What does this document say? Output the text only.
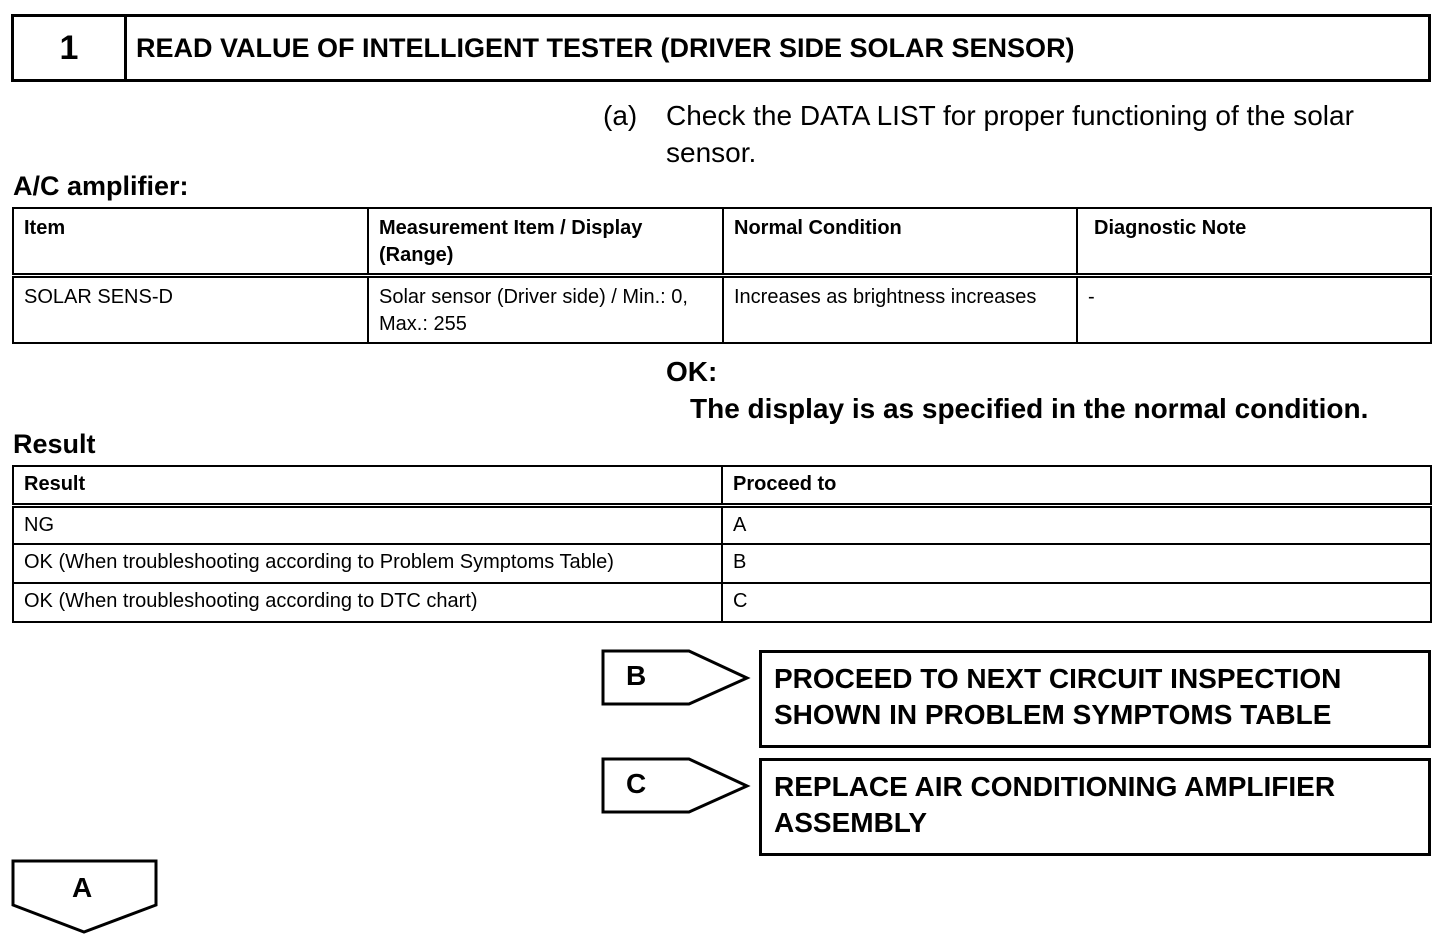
1	READ VALUE OF INTELLIGENT TESTER (DRIVER SIDE SOLAR SENSOR)
(a) Check the DATA LIST for proper functioning of the solar sensor.
A/C amplifier:
Item	Measurement Item / Display (Range)	Normal Condition	Diagnostic Note
SOLAR SENS-D	Solar sensor (Driver side) / Min.: 0, Max.: 255	Increases as brightness increases	-
OK:
The display is as specified in the normal condition.
Result
Result	Proceed to
NG	A
OK (When troubleshooting according to Problem Symptoms Table)	B
OK (When troubleshooting according to DTC chart)	C
B	PROCEED TO NEXT CIRCUIT INSPECTION SHOWN IN PROBLEM SYMPTOMS TABLE
C	REPLACE AIR CONDITIONING AMPLIFIER ASSEMBLY
A
